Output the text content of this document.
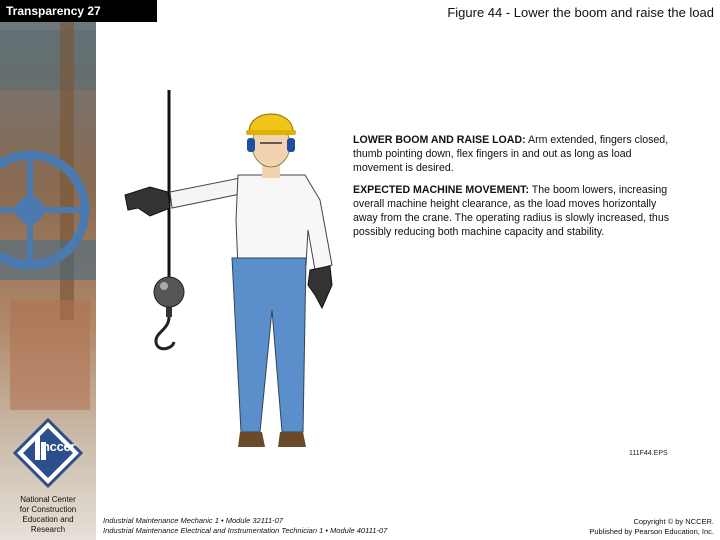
Transparency 27	Figure 44 - Lower the boom and raise the load
nccer
National Center
for Construction
Education and
Research

LOWER BOOM AND RAISE LOAD: Arm extended, fingers closed, thumb pointing down, flex fingers in and out as long as load movement is desired.

EXPECTED MACHINE MOVEMENT: The boom lowers, increasing overall machine height clearance, as the load moves horizontally away from the crane. The operating radius is slowly increased, thus possibly reducing both machine capacity and stability.

111F44.EPS
Industrial Maintenance Mechanic 1 • Module 32111-07
Industrial Maintenance Electrical and Instrumentation Technician 1 • Module 40111-07
Copyright © by NCCER.
Published by Pearson Education, Inc.
